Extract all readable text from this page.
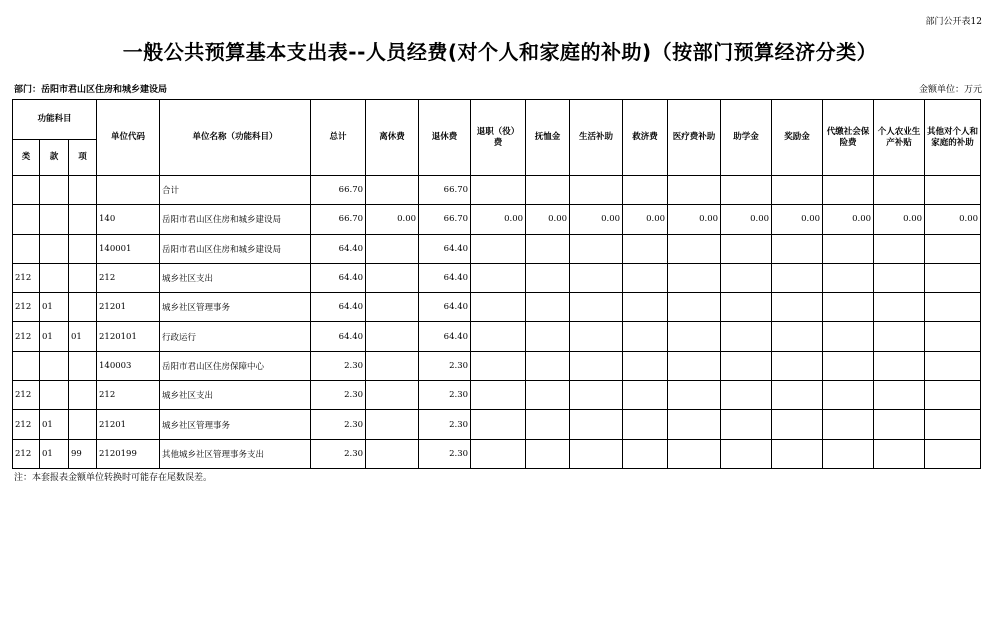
部门公开表12
一般公共预算基本支出表--人员经费(对个人和家庭的补助)（按部门预算经济分类）
部门：岳阳市君山区住房和城乡建设局	金额单位：万元
功能科目			单位代码	单位名称（功能科目）	总计	离休费	退休费	退职（役）费	抚恤金	生活补助	救济费	医疗费补助	助学金	奖励金	代缴社会保险费	个人农业生产补贴	其他对个人和家庭的补助
类	款	项															
				合计	66.70		66.70										
			140	岳阳市君山区住房和城乡建设局	66.70	0.00	66.70	0.00	0.00	0.00	0.00	0.00	0.00	0.00	0.00	0.00	0.00
			140001	岳阳市君山区住房和城乡建设局	64.40		64.40										
212			212	城乡社区支出	64.40		64.40										
212	01		21201	城乡社区管理事务	64.40		64.40										
212	01	01	2120101	行政运行	64.40		64.40										
			140003	岳阳市君山区住房保障中心	2.30		2.30										
212			212	城乡社区支出	2.30		2.30										
212	01		21201	城乡社区管理事务	2.30		2.30										
212	01	99	2120199	其他城乡社区管理事务支出	2.30		2.30										
注：本套报表金额单位转换时可能存在尾数误差。
